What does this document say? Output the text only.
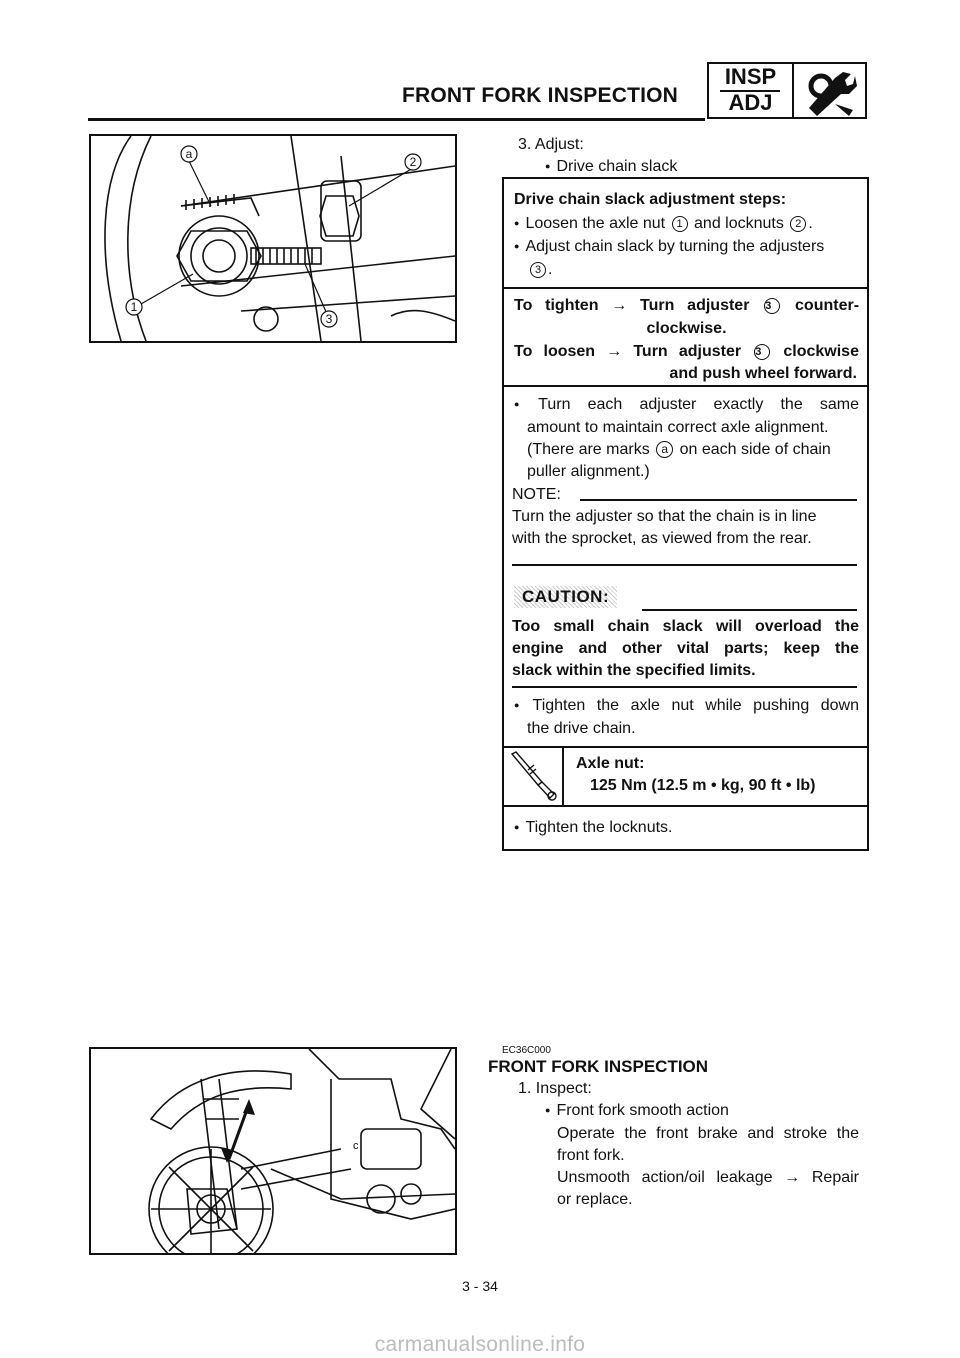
FRONT FORK INSPECTION
INSP
ADJ
a
2
1
3
3. Adjust:
● Drive chain slack
Drive chain slack adjustment steps:
● Loosen the axle nut 1 and locknuts 2 .
● Adjust chain slack by turning the adjusters
3 .
To tighten → Turn adjuster 3 counter-
clockwise.
To loosen → Turn adjuster 3 clockwise
and push wheel forward.
● Turn each adjuster exactly the same
amount to maintain correct axle alignment.
(There are marks a on each side of chain
puller alignment.)
NOTE:
Turn the adjuster so that the chain is in line
with the sprocket, as viewed from the rear.
CAUTION:
Too small chain slack will overload the
engine and other vital parts; keep the
slack within the specified limits.
● Tighten the axle nut while pushing down
the drive chain.
Axle nut:
125 Nm (12.5 m • kg, 90 ft • lb)
● Tighten the locknuts.
EC36C000
FRONT FORK INSPECTION
1. Inspect:
● Front fork smooth action
Operate the front brake and stroke the
front fork.
Unsmooth action/oil leakage → Repair
or replace.
c
3 - 34
carmanualsonline.info
